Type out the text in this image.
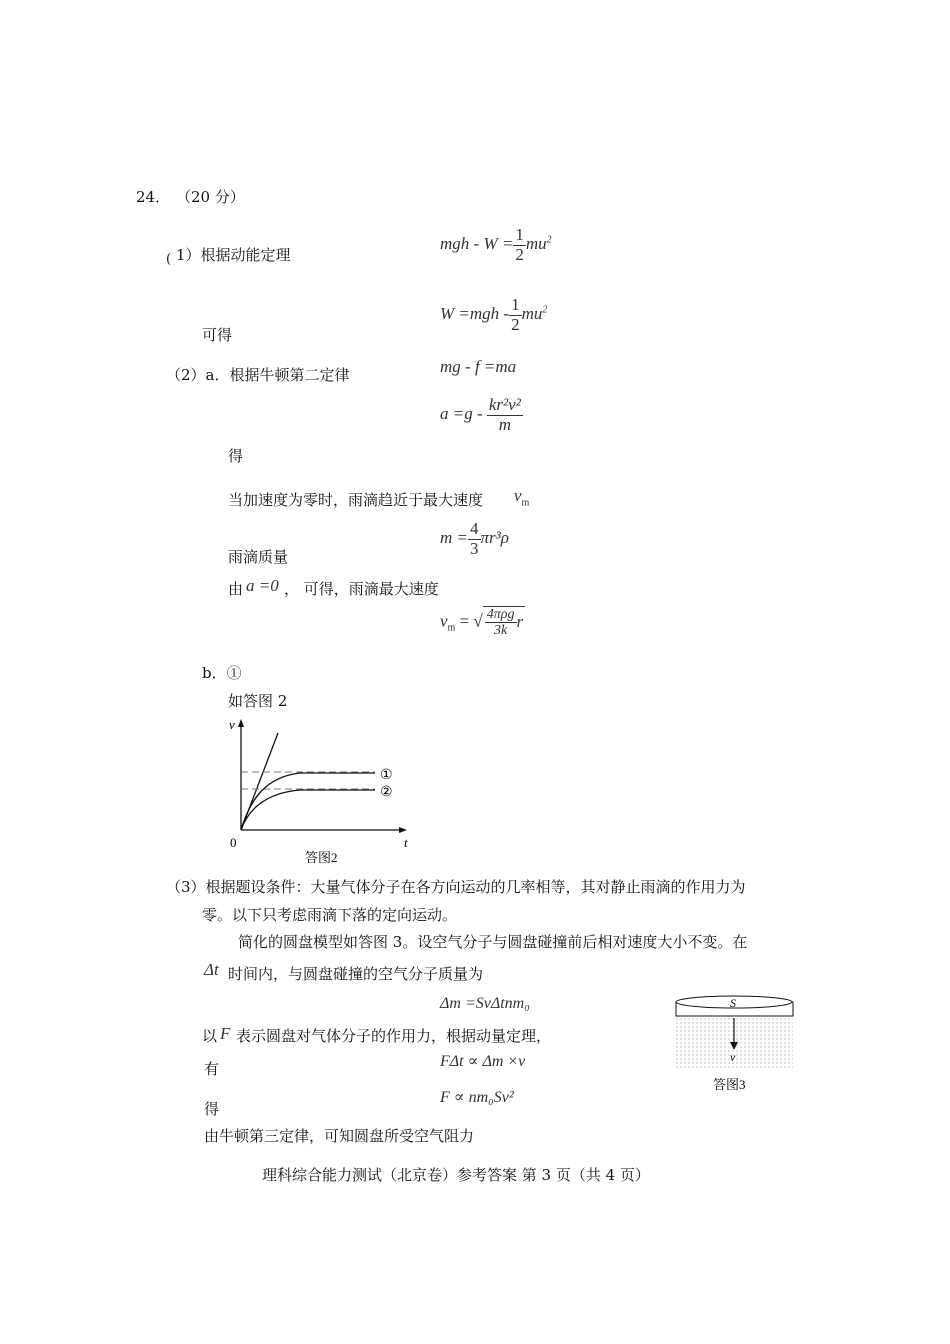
24． （20 分）
( 1）根据动能定理
mgh - $W = \frac{1}{2} mu^2$
$W =mgh - \frac{1}{2} mu^2$
可得
（2）a．根据牛顿第二定律	mg - f =ma
$a =g - \frac{\text{kr²v²}}{m}$
得
当加速度为零时，雨滴趋近于最大速度 $v_m$
$m = \frac{4}{3} \pi r^3\rho$
雨滴质量
由 a =0 ， 可得，雨滴最大速度
$v_m$ = √ $\frac{\text{4πρg}}{3k}$ r
b．①
如答图 2
v
t
0
①
②
答图2
（3）根据题设条件：大量气体分子在各方向运动的几率相等，其对静止雨滴的作用力为
零。以下只考虑雨滴下落的定向运动。
简化的圆盘模型如答图 3。设空气分子与圆盘碰撞前后相对速度大小不变。在
Δt 时间内，与圆盘碰撞的空气分子质量为
Δm =SvΔtnm₀
以 F 表示圆盘对气体分子的作用力，根据动量定理，
FΔt ∝ Δm ×v
有
F ∝ nm₀Sv²
得
由牛顿第三定律，可知圆盘所受空气阻力
S
v
答图3
理科综合能力测试（北京卷）参考答案 第 3 页（共 4 页）
